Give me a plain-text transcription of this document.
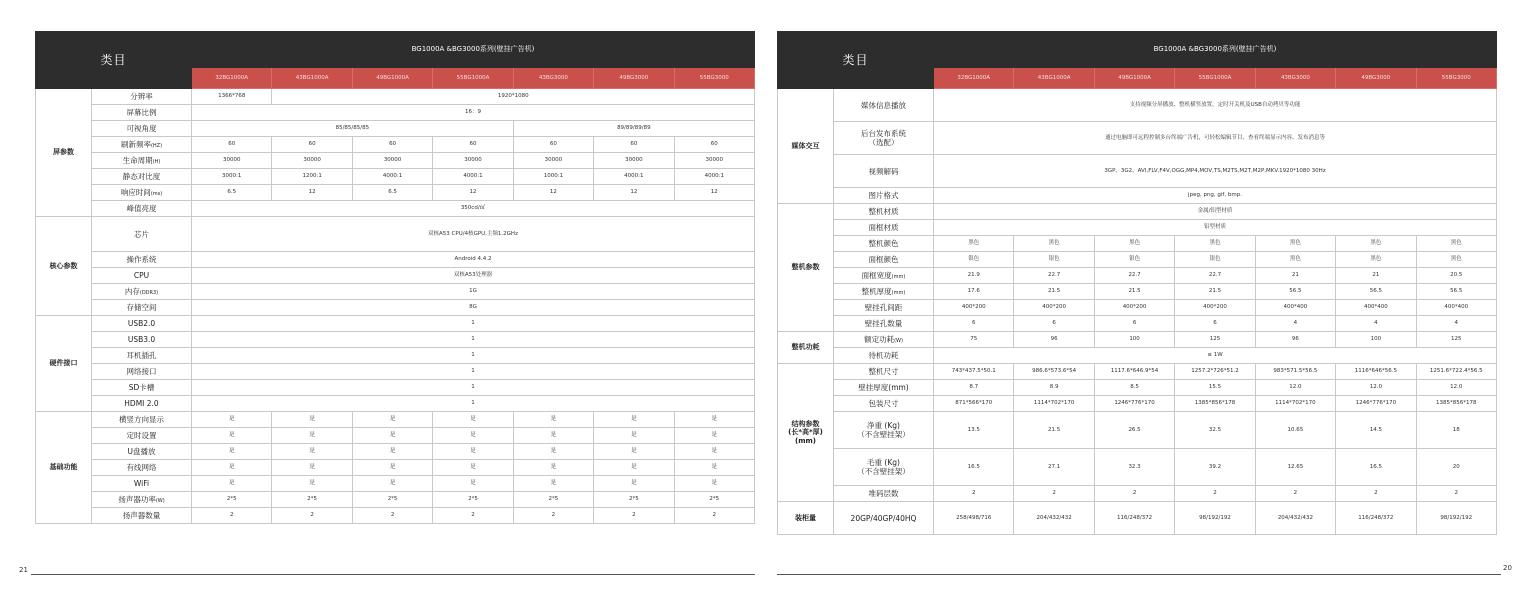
类目		BG1000A &BG3000系列(壁挂广告机)						
		32BG1000A	43BG1000A	49BG1000A	55BG1000A	43BG3000	49BG3000	55BG3000
屏参数	分辨率	1366*768	1920*1080					
	屏幕比例	16：9						
	可视角度	85/85/85/85				89/89/89/89		
	刷新频率(HZ)	60	60	60	60	60	60	60
	生命周期(H)	30000	30000	30000	30000	30000	30000	30000
	静态对比度	3000:1	1200:1	4000:1	4000:1	1000:1	4000:1	4000:1
	响应时间(ms)	6.5	12	6.5	12	12	12	12
	峰值亮度	350cd/㎡						
核心参数	芯片	双核A53 CPU/4核GPU,主频1.2GHz						
	操作系统	Android 4.4.2						
	CPU	双核A53处理器						
	内存(DDR3)	1G						
	存储空间	8G						
硬件接口	USB2.0	1						
	USB3.0	1						
	耳机插孔	1						
	网络接口	1						
	SD卡槽	1						
	HDMI 2.0	1						
基础功能	横竖方向显示	是	是	是	是	是	是	是
	定时设置	是	是	是	是	是	是	是
	U盘播放	是	是	是	是	是	是	是
	有线网络	是	是	是	是	是	是	是
	WiFi	是	是	是	是	是	是	是
	扬声器功率(W)	2*5	2*5	2*5	2*5	2*5	2*5	2*5
	扬声器数量	2	2	2	2	2	2	2
21
类目		BG1000A &BG3000系列(壁挂广告机)						
		32BG1000A	43BG1000A	49BG1000A	55BG1000A	43BG3000	49BG3000	55BG3000
媒体交互	媒体信息播放	支持视频分屏播放、整机横竖放置，定时开关机及USB自动拷贝等功能						
	后台发布系统
（选配）	通过电脑即可远程控制多台终端广告机，可轻松编辑节目、查看终端显示内容、发布消息等						
	视频解码	3GP、3G2、AVI,FLV,F4V,OGG,MP4,MOV,TS,M2TS,M2T,M2P,MKV.1920*1080 30Hz						
	图片格式	jpeg, png, gif, bmp.						
整机参数	整机材质	金属/铝型材质						
	面框材质	铝型材质						
	整机颜色	黑色	黑色	黑色	黑色	黑色	黑色	黑色
	面框颜色	银色	银色	银色	银色	黑色	黑色	黑色
	面框宽度(mm)	21.9	22.7	22.7	22.7	21	21	20.5
	整机厚度(mm)	17.6	21.5	21.5	21.5	56.5	56.5	56.5
	壁挂孔间距	400*200	400*200	400*200	400*200	400*400	400*400	400*400
	壁挂孔数量	6	6	6	6	4	4	4
整机功耗	额定功耗(W)	75	96	100	125	96	100	125
	待机功耗	≤ 1W						
结构参数
(长*高*厚)
(mm)	整机尺寸	743*437.5*50.1	986.6*573.6*54	1117.6*646.9*54	1257.2*726*51.2	983*571.5*56.5	1116*646*56.5	1251.6*722.4*56.5
	壁挂厚度(mm)	8.7	8.9	8.5	15.5	12.0	12.0	12.0
	包装尺寸	871*566*170	1114*702*170	1246*776*170	1385*856*178	1114*702*170	1246*776*170	1385*856*178
	净重 (Kg)
（不含壁挂架）	13.5	21.5	26.5	32.5	10.65	14.5	18
	毛重 (Kg)
（不含壁挂架）	16.5	27.1	32.3	39.2	12.65	16.5	20
	堆码层数	2	2	2	2	2	2	2
装柜量	20GP/40GP/40HQ	258/498/716	204/432/432	116/248/372	98/192/192	204/432/432	116/248/372	98/192/192
20
